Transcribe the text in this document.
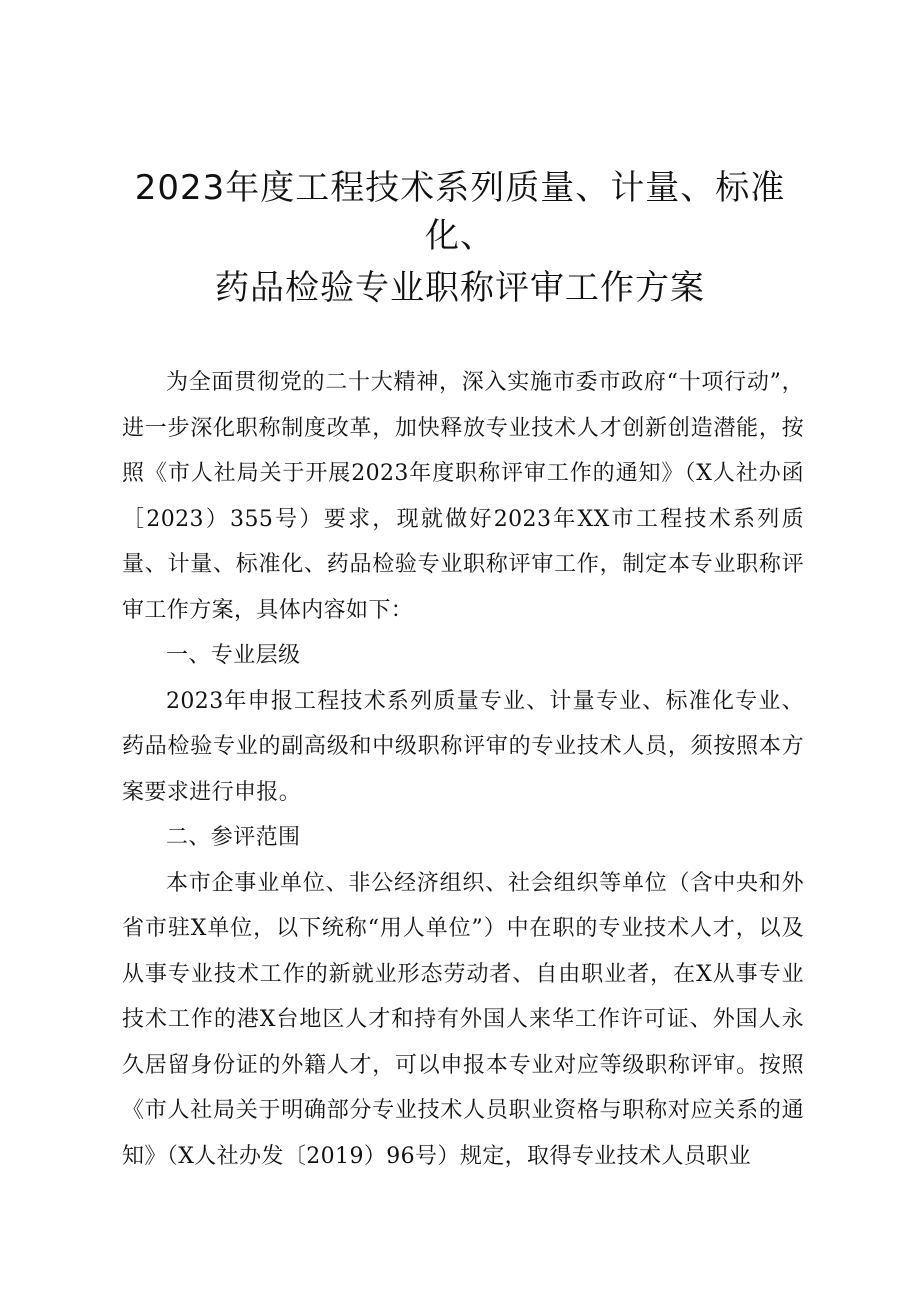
2023年度工程技术系列质量、计量、标准
化、
药品检验专业职称评审工作方案

为全面贯彻党的二十大精神，深入实施市委市政府“十项行动”，进一步深化职称制度改革，加快释放专业技术人才创新创造潜能，按照《市人社局关于开展2023年度职称评审工作的通知》（X人社办函［2023）355号）要求，现就做好2023年XX市工程技术系列质量、计量、标准化、药品检验专业职称评审工作，制定本专业职称评审工作方案，具体内容如下：

一、专业层级

2023年申报工程技术系列质量专业、计量专业、标准化专业、药品检验专业的副高级和中级职称评审的专业技术人员，须按照本方案要求进行申报。

二、参评范围

本市企事业单位、非公经济组织、社会组织等单位（含中央和外省市驻X单位，以下统称“用人单位”）中在职的专业技术人才，以及从事专业技术工作的新就业形态劳动者、自由职业者，在X从事专业技术工作的港X台地区人才和持有外国人来华工作许可证、外国人永久居留身份证的外籍人才，可以申报本专业对应等级职称评审。按照《市人社局关于明确部分专业技术人员职业资格与职称对应关系的通知》（X人社办发〔2019）96号）规定，取得专业技术人员职业
